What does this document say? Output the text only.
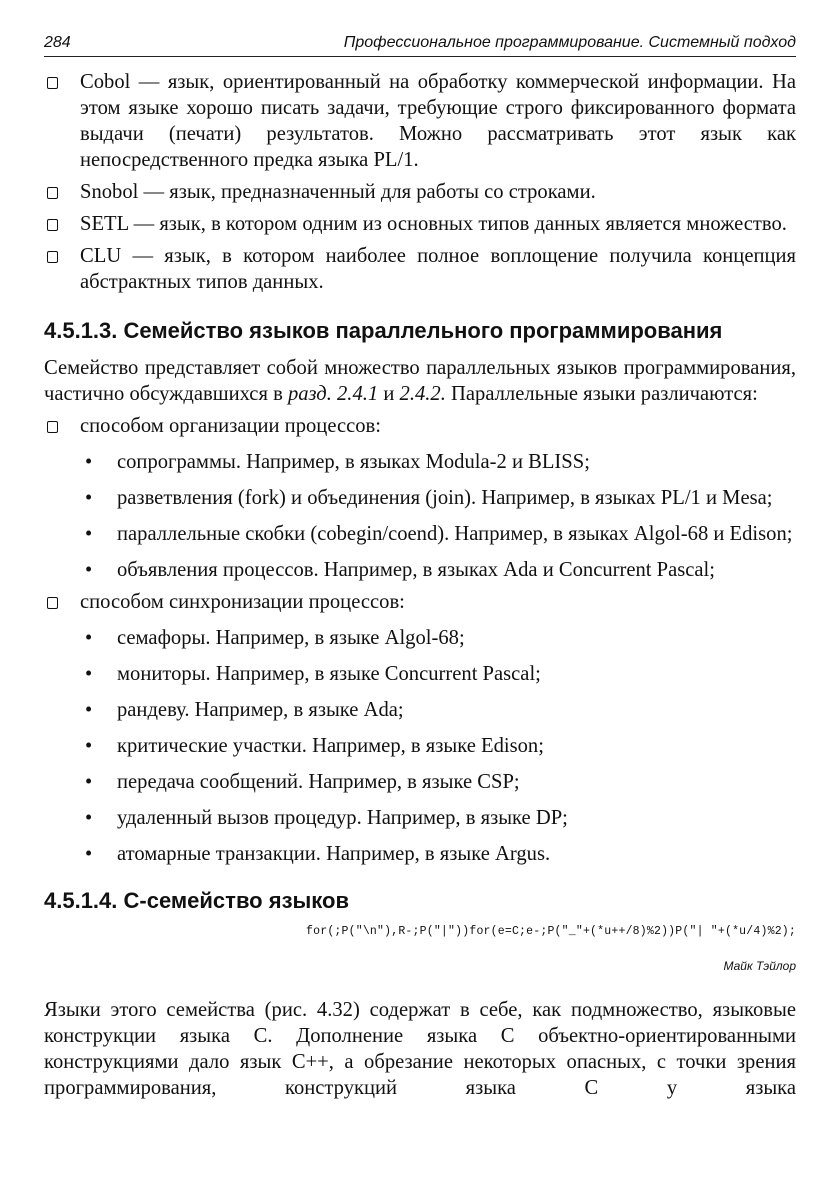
284	Профессиональное программирование. Системный подход
Cobol — язык, ориентированный на обработку коммерческой информации. На этом языке хорошо писать задачи, требующие строго фиксированного формата выдачи (печати) результатов. Можно рассматривать этот язык как непосредственного предка языка PL/1.
Snobol — язык, предназначенный для работы со строками.
SETL — язык, в котором одним из основных типов данных является множество.
CLU — язык, в котором наиболее полное воплощение получила концепция абстрактных типов данных.
4.5.1.3. Семейство языков параллельного программирования
Семейство представляет собой множество параллельных языков программирования, частично обсуждавшихся в разд. 2.4.1 и 2.4.2. Параллельные языки различаются:
способом организации процессов:
• сопрограммы. Например, в языках Modula-2 и BLISS;
• разветвления (fork) и объединения (join). Например, в языках PL/1 и Mesa;
• параллельные скобки (cobegin/coend). Например, в языках Algol-68 и Edison;
• объявления процессов. Например, в языках Ada и Concurrent Pascal;
способом синхронизации процессов:
• семафоры. Например, в языке Algol-68;
• мониторы. Например, в языке Concurrent Pascal;
• рандеву. Например, в языке Ada;
• критические участки. Например, в языке Edison;
• передача сообщений. Например, в языке CSP;
• удаленный вызов процедур. Например, в языке DP;
• атомарные транзакции. Например, в языке Argus.
4.5.1.4. С-семейство языков
for(;P("\n"),R-;P("|"))for(e=C;e-;P("_"+(*u++/8)%2))P("| "+(*u/4)%2);
Майк Тэйлор
Языки этого семейства (рис. 4.32) содержат в себе, как подмножество, языковые конструкции языка C. Дополнение языка C объектно-ориентированными конструкциями дало язык C++, а обрезание некоторых опасных, с точки зрения программирования, конструкций языка C у языка
